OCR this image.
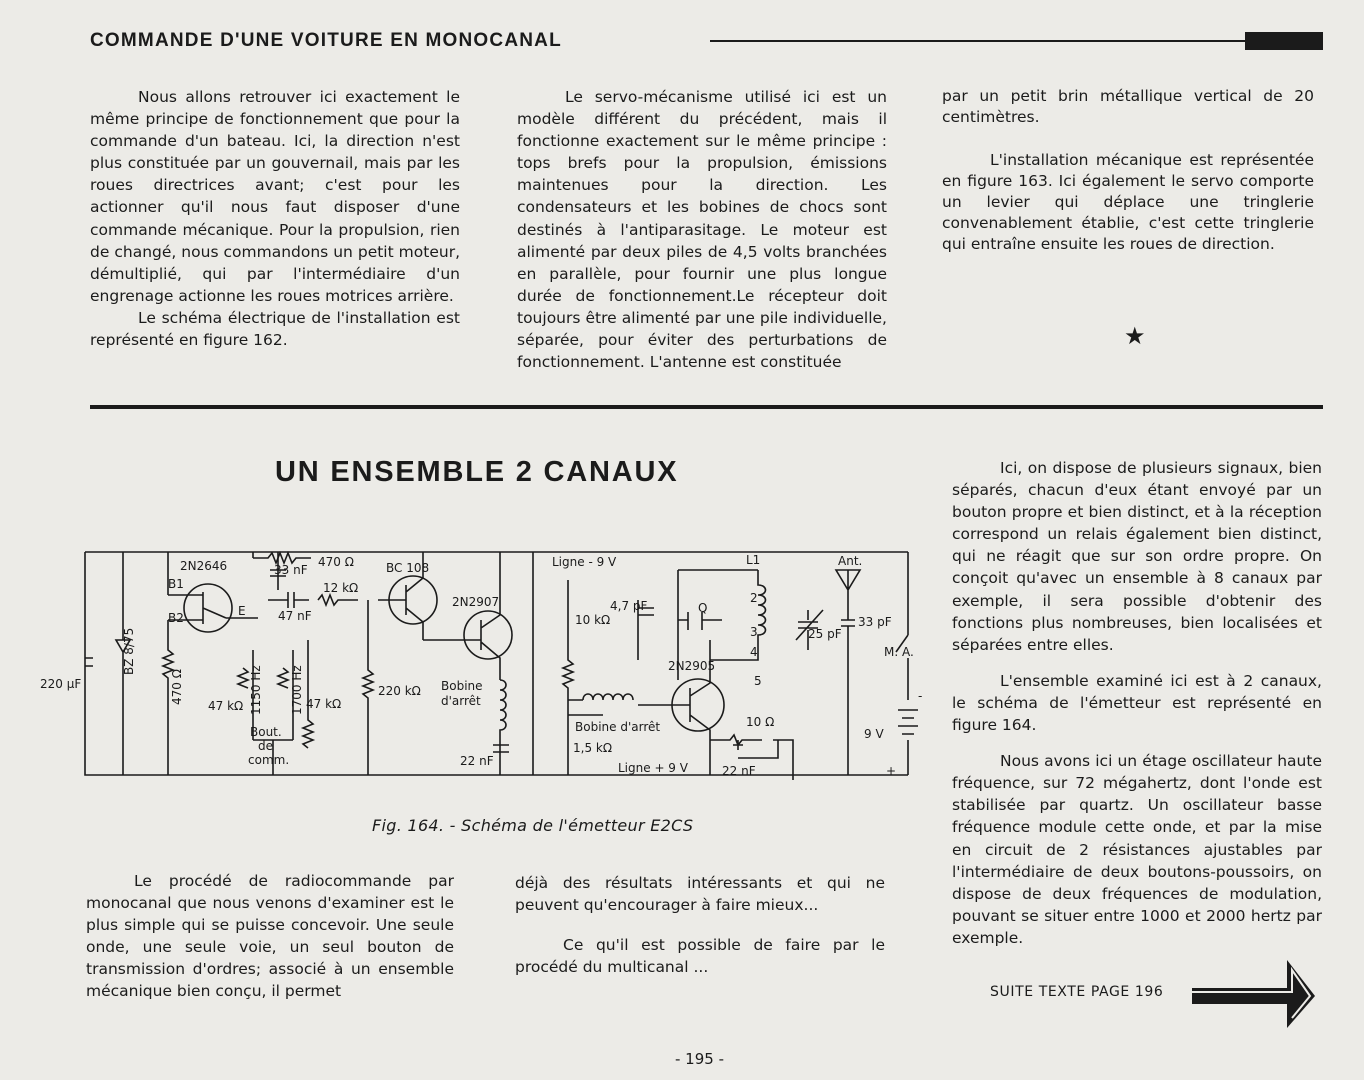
COMMANDE D'UNE VOITURE EN MONOCANAL

Nous allons retrouver ici exactement le même principe de fonctionnement que pour la commande d'un bateau. Ici, la direction n'est plus constituée par un gouvernail, mais par les roues directrices avant; c'est pour les actionner qu'il nous faut disposer d'une commande mécanique. Pour la propulsion, rien de changé, nous commandons un petit moteur, démultiplié, qui par l'intermédiaire d'un engrenage actionne les roues motrices arrière.

Le schéma électrique de l'installation est représenté en figure 162.

Le servo-mécanisme utilisé ici est un modèle différent du précédent, mais il fonctionne exactement sur le même principe : tops brefs pour la propulsion, émissions maintenues pour la direction. Les condensateurs et les bobines de chocs sont destinés à l'antiparasitage. Le moteur est alimenté par deux piles de 4,5 volts branchées en parallèle, pour fournir une plus longue durée de fonctionnement.Le récepteur doit toujours être alimenté par une pile individuelle, séparée, pour éviter des perturbations de fonctionnement. L'antenne est constituée

par un petit brin métallique vertical de 20 centimètres.

L'installation mécanique est représentée en figure 163. Ici également le servo comporte un levier qui déplace une tringlerie convenablement établie, c'est cette tringlerie qui entraîne ensuite les roues de direction.

★
UN ENSEMBLE 2 CANAUX	Ici, on dispose de plusieurs signaux, bien séparés, chacun d'eux étant envoyé par un bouton propre et bien distinct, et à la réception correspond un relais également bien distinct, qui ne réagit que sur son ordre propre. On conçoit qu'avec un ensemble à 8 canaux par exemple, il sera possible d'obtenir des fonctions plus nombreuses, bien localisées et séparées entre elles.

L'ensemble examiné ici est à 2 canaux, le schéma de l'émetteur est représenté en figure 164.

Nous avons ici un étage oscillateur haute fréquence, sur 72 mégahertz, dont l'onde est stabilisée par quartz. Un oscillateur basse fréquence module cette onde, et par la mise en circuit de 2 résistances ajustables par l'intermédiaire de deux boutons-poussoirs, on dispose de deux fréquences de modulation, pouvant se situer entre 1000 et 2000 hertz par exemple.

2N2646
B1
B2	E
33 nF
470 Ω
12 kΩ
47 nF
BC 108
2N2907
220 µF
BZ 8/75
470 Ω
47 kΩ 1150 Hz 1700 Hz 47 kΩ
Bout.
de
comm.
220 kΩ Bobine
d'arrêt
22 nF
Ligne - 9 V
10 kΩ
4,7 pF	Q
L1	Ant.
33 pF
25 pF
2
3
4
5
2N2905
Bobine d'arrêt
1,5 kΩ
10 Ω
22 nF
Ligne + 9 V
M. A.
9 V
+
-
Fig. 164. - Schéma de l'émetteur E2CS

Le procédé de radiocommande par monocanal que nous venons d'examiner est le plus simple qui se puisse concevoir. Une seule onde, une seule voie, un seul bouton de transmission d'ordres; associé à un ensemble mécanique bien conçu, il permet

déjà des résultats intéressants et qui ne peuvent qu'encourager à faire mieux...

Ce qu'il est possible de faire par le procédé du multicanal ...

SUITE TEXTE PAGE 196
- 195 -
